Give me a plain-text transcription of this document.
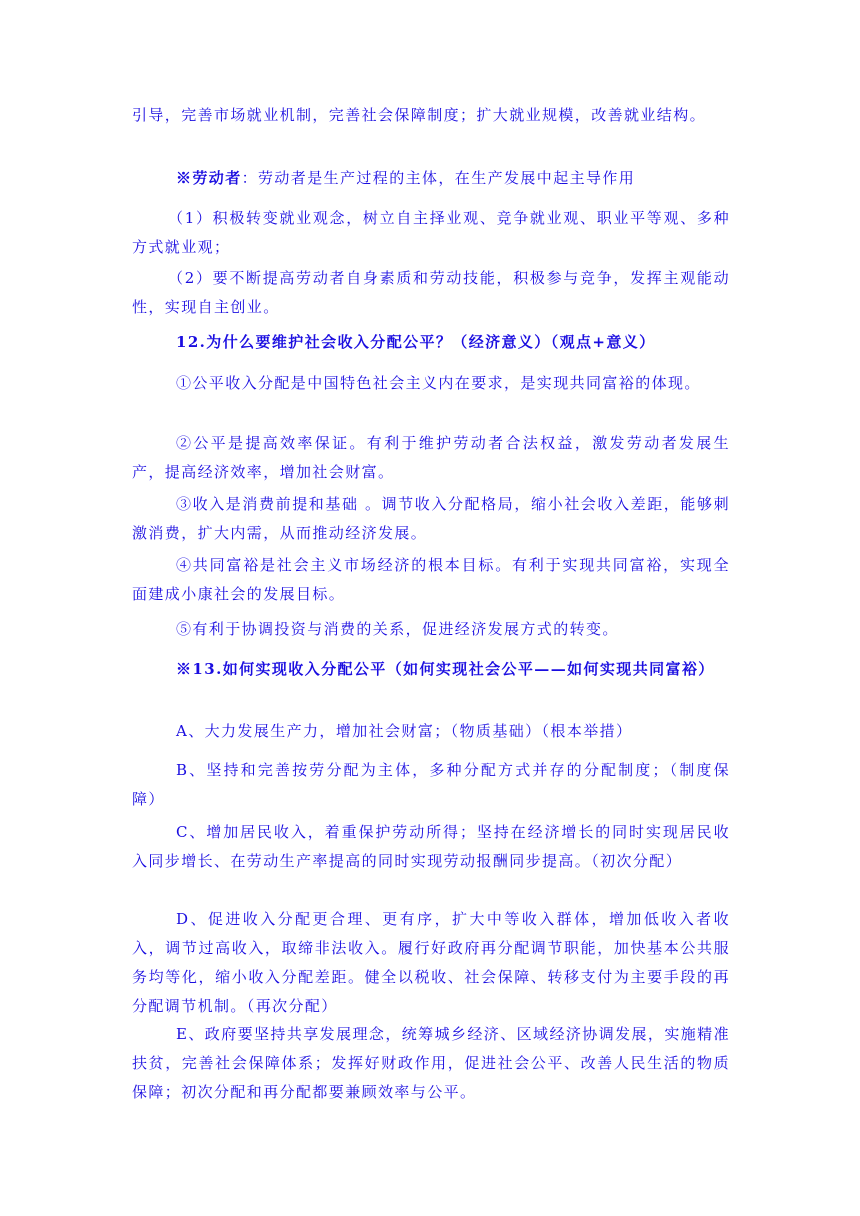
引导，完善市场就业机制，完善社会保障制度；扩大就业规模，改善就业结构。

※劳动者：劳动者是生产过程的主体，在生产发展中起主导作用

（1）积极转变就业观念，树立自主择业观、竞争就业观、职业平等观、多种方式就业观；

（2）要不断提高劳动者自身素质和劳动技能，积极参与竞争，发挥主观能动性，实现自主创业。

12.为什么要维护社会收入分配公平？（经济意义）（观点+意义）

①公平收入分配是中国特色社会主义内在要求，是实现共同富裕的体现。

②公平是提高效率保证。有利于维护劳动者合法权益，激发劳动者发展生产，提高经济效率，增加社会财富。

③收入是消费前提和基础 。调节收入分配格局，缩小社会收入差距，能够刺激消费，扩大内需，从而推动经济发展。

④共同富裕是社会主义市场经济的根本目标。有利于实现共同富裕，实现全面建成小康社会的发展目标。

⑤有利于协调投资与消费的关系，促进经济发展方式的转变。

※13.如何实现收入分配公平（如何实现社会公平——如何实现共同富裕）

A、大力发展生产力，增加社会财富；（物质基础）（根本举措）

B、坚持和完善按劳分配为主体，多种分配方式并存的分配制度；（制度保障）

C、增加居民收入，着重保护劳动所得；坚持在经济增长的同时实现居民收入同步增长、在劳动生产率提高的同时实现劳动报酬同步提高。（初次分配）

D、促进收入分配更合理、更有序，扩大中等收入群体，增加低收入者收入，调节过高收入，取缔非法收入。履行好政府再分配调节职能，加快基本公共服务均等化，缩小收入分配差距。健全以税收、社会保障、转移支付为主要手段的再分配调节机制。（再次分配）

E、政府要坚持共享发展理念，统筹城乡经济、区域经济协调发展，实施精准扶贫，完善社会保障体系；发挥好财政作用，促进社会公平、改善人民生活的物质保障；初次分配和再分配都要兼顾效率与公平。
